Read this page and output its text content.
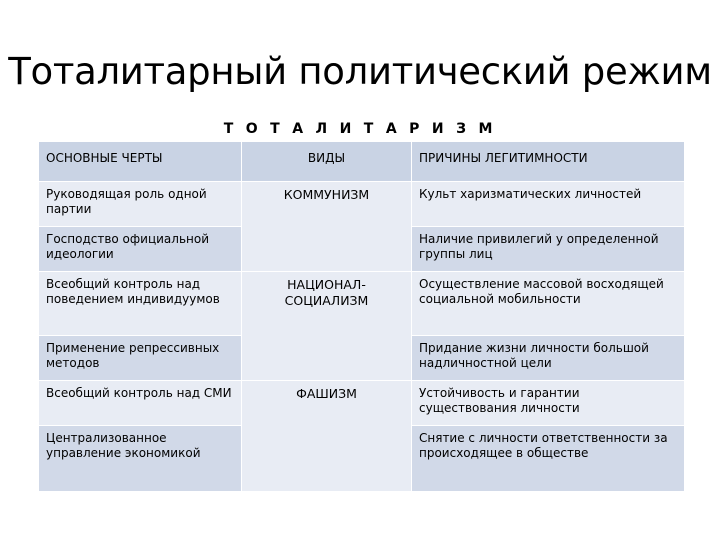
Тоталитарный политический режим
Т О Т А Л И Т А Р И З М
ОСНОВНЫЕ ЧЕРТЫ	ВИДЫ	ПРИЧИНЫ ЛЕГИТИМНОСТИ
Руководящая роль одной партии	КОММУНИЗМ	Культ харизматических личностей
Господство официальной идеологии		Наличие привилегий у определенной группы лиц
Всеобщий контроль над поведением индивидуумов	НАЦИОНАЛ-СОЦИАЛИЗМ	Осуществление массовой восходящей социальной мобильности
Применение репрессивных методов		Придание жизни личности большой надличностной цели
Всеобщий контроль над СМИ	ФАШИЗМ	Устойчивость и гарантии существования личности
Централизованное управление экономикой		Снятие с личности ответственности за происходящее в обществе
